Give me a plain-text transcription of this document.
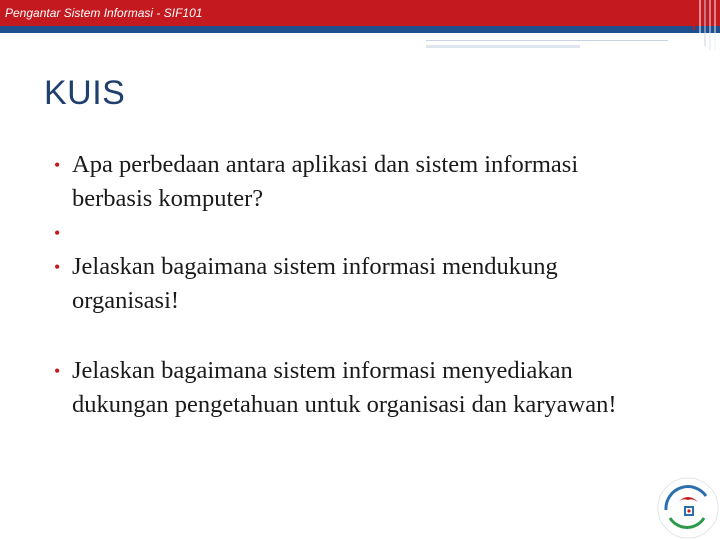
Pengantar Sistem Informasi - SIF101
KUIS
• Apa perbedaan antara aplikasi dan sistem informasi berbasis komputer?
•

• Jelaskan bagaimana sistem informasi mendukung organisasi!
• Jelaskan bagaimana sistem informasi menyediakan dukungan pengetahuan untuk organisasi dan karyawan!
